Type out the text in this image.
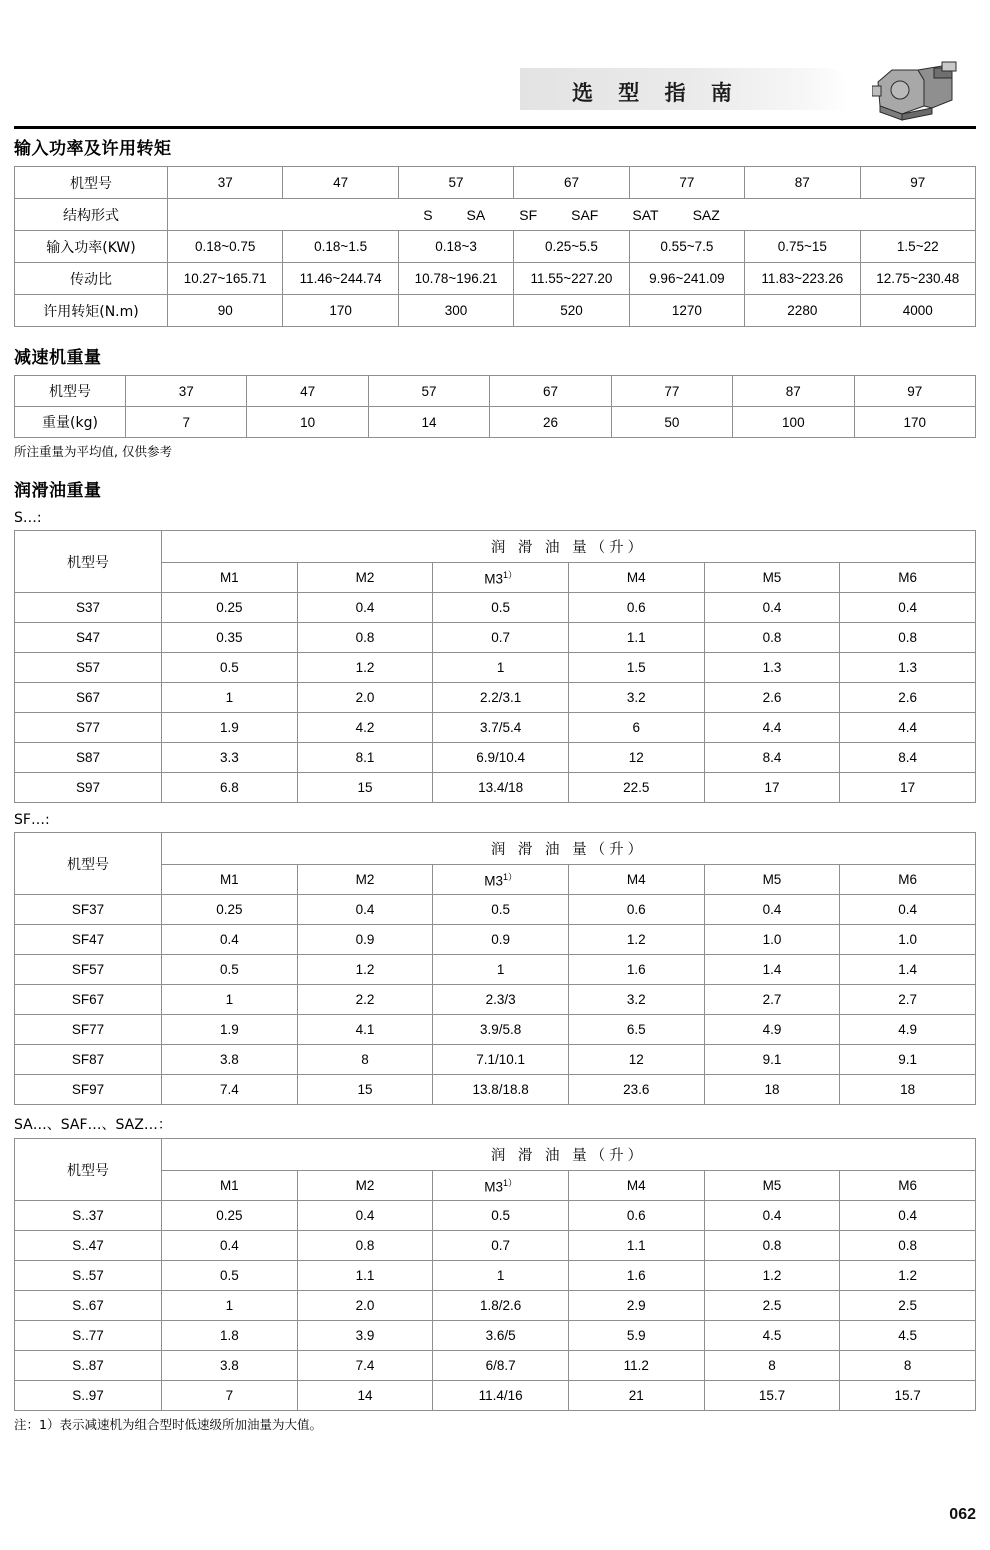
选 型 指 南
输入功率及许用转矩
机型号	37	47	57	67	77	87	97
结构形式	S SA SF SAF SAT SAZ						
输入功率(KW)	0.18~0.75	0.18~1.5	0.18~3	0.25~5.5	0.55~7.5	0.75~15	1.5~22
传动比	10.27~165.71	11.46~244.74	10.78~196.21	11.55~227.20	9.96~241.09	11.83~223.26	12.75~230.48
许用转矩(N.m)	90	170	300	520	1270	2280	4000
减速机重量
机型号	37	47	57	67	77	87	97
重量(kg)	7	10	14	26	50	100	170

所注重量为平均值, 仅供参考

润滑油重量
S…:
机型号	润 滑 油 量（升）					
	M1	M2	$M3^{1)}$	M4	M5	M6
S37	0.25	0.4	0.5	0.6	0.4	0.4
S47	0.35	0.8	0.7	1.1	0.8	0.8
S57	0.5	1.2	1	1.5	1.3	1.3
S67	1	2.0	2.2/3.1	3.2	2.6	2.6
S77	1.9	4.2	3.7/5.4	6	4.4	4.4
S87	3.3	8.1	6.9/10.4	12	8.4	8.4
S97	6.8	15	13.4/18	22.5	17	17
SF…:
机型号	润 滑 油 量（升）					
	M1	M2	$M3^{1)}$	M4	M5	M6
SF37	0.25	0.4	0.5	0.6	0.4	0.4
SF47	0.4	0.9	0.9	1.2	1.0	1.0
SF57	0.5	1.2	1	1.6	1.4	1.4
SF67	1	2.2	2.3/3	3.2	2.7	2.7
SF77	1.9	4.1	3.9/5.8	6.5	4.9	4.9
SF87	3.8	8	7.1/10.1	12	9.1	9.1
SF97	7.4	15	13.8/18.8	23.6	18	18
SA…、SAF…、SAZ…：
机型号	润 滑 油 量（升）					
	M1	M2	$M3^{1)}$	M4	M5	M6
S..37	0.25	0.4	0.5	0.6	0.4	0.4
S..47	0.4	0.8	0.7	1.1	0.8	0.8
S..57	0.5	1.1	1	1.6	1.2	1.2
S..67	1	2.0	1.8/2.6	2.9	2.5	2.5
S..77	1.8	3.9	3.6/5	5.9	4.5	4.5
S..87	3.8	7.4	6/8.7	11.2	8	8
S..97	7	14	11.4/16	21	15.7	15.7

注：1）表示减速机为组合型时低速级所加油量为大值。

062
